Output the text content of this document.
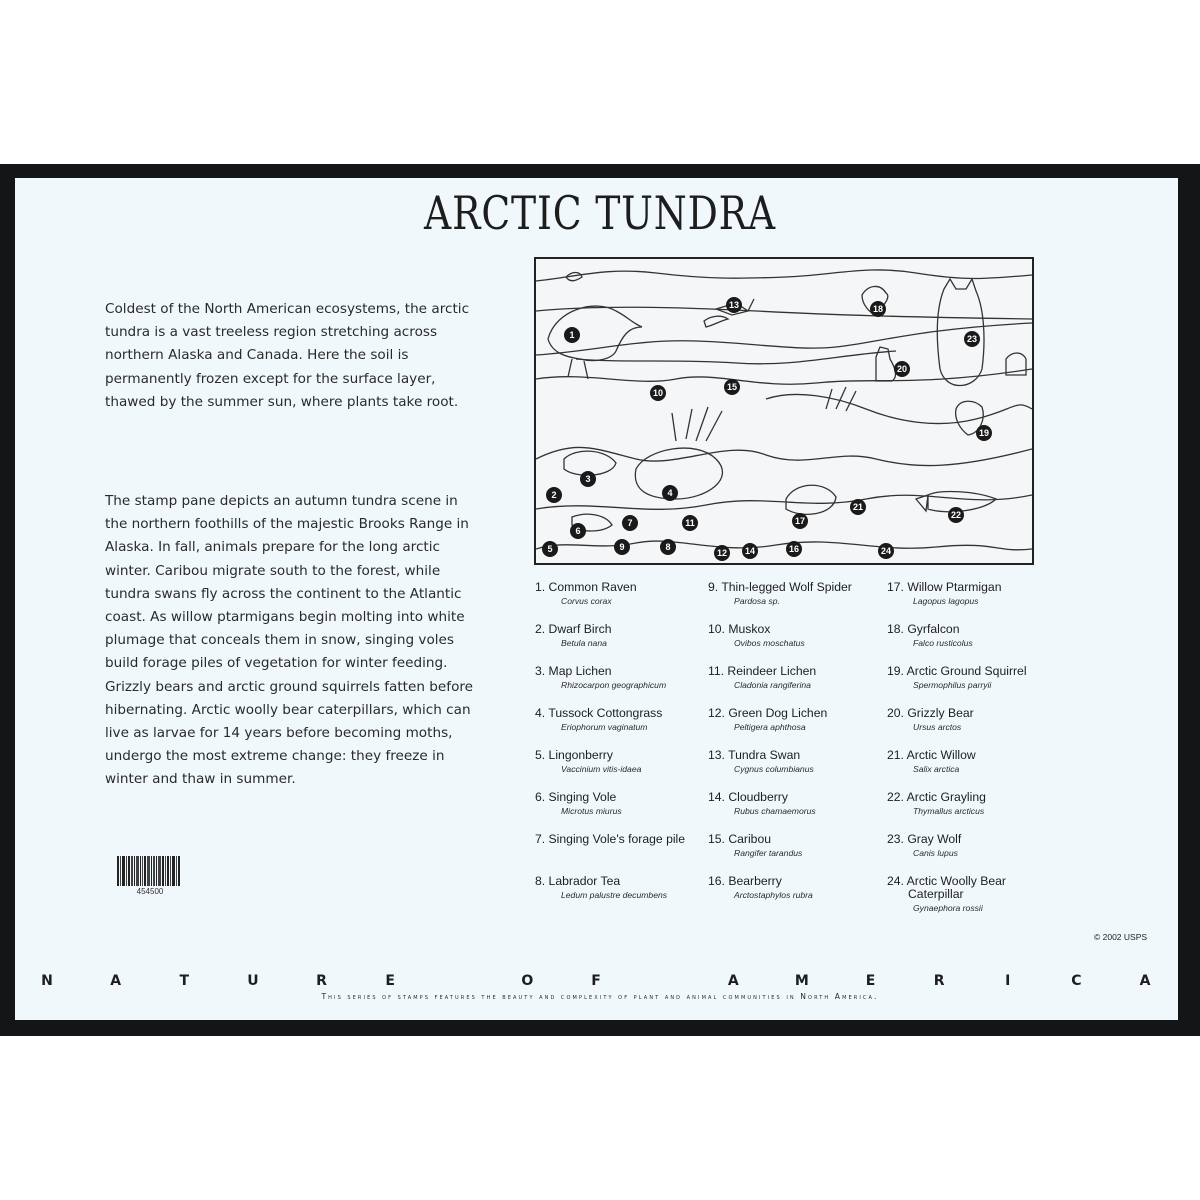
ARCTIC TUNDRA

Coldest of the North American ecosystems, the arctic tundra is a vast treeless region stretching across northern Alaska and Canada. Here the soil is permanently frozen except for the surface layer, thawed by the summer sun, where plants take root.

The stamp pane depicts an autumn tundra scene in the northern foothills of the majestic Brooks Range in Alaska. In fall, animals prepare for the long arctic winter. Caribou migrate south to the forest, while tundra swans fly across the continent to the Atlantic coast. As willow ptarmigans begin molting into white plumage that conceals them in snow, singing voles build forage piles of vegetation for winter feeding. Grizzly bears and arctic ground squirrels fatten before hibernating. Arctic woolly bear caterpillars, which can live as larvae for 14 years before becoming moths, undergo the most extreme change: they freeze in winter and thaw in summer.

454500
1
2
3
4
5
6
7
8
9
10
11
12
13
14
15
16
17
18
19
20
21
22
23
24
1. Common Raven
Corvus corax
2. Dwarf Birch
Betula nana
3. Map Lichen
Rhizocarpon geographicum
4. Tussock Cottongrass
Eriophorum vaginatum
5. Lingonberry
Vaccinium vitis-idaea
6. Singing Vole
Microtus miurus
7. Singing Vole's forage pile
8. Labrador Tea
Ledum palustre decumbens
9. Thin-legged Wolf Spider
Pardosa sp.
10. Muskox
Ovibos moschatus
11. Reindeer Lichen
Cladonia rangiferina
12. Green Dog Lichen
Peltigera aphthosa
13. Tundra Swan
Cygnus columbianus
14. Cloudberry
Rubus chamaemorus
15. Caribou
Rangifer tarandus
16. Bearberry
Arctostaphylos rubra
17. Willow Ptarmigan
Lagopus lagopus
18. Gyrfalcon
Falco rusticolus
19. Arctic Ground Squirrel
Spermophilus parryii
20. Grizzly Bear
Ursus arctos
21. Arctic Willow
Salix arctica
22. Arctic Grayling
Thymallus arcticus
23. Gray Wolf
Canis lupus
24. Arctic Woolly Bear
Caterpillar
Gynaephora rossii
© 2002 USPS
N	A	T	U	R	E	O	F	A	M	E	R	I	C	A
This series of stamps features the beauty and complexity of plant and animal communities in North America.
